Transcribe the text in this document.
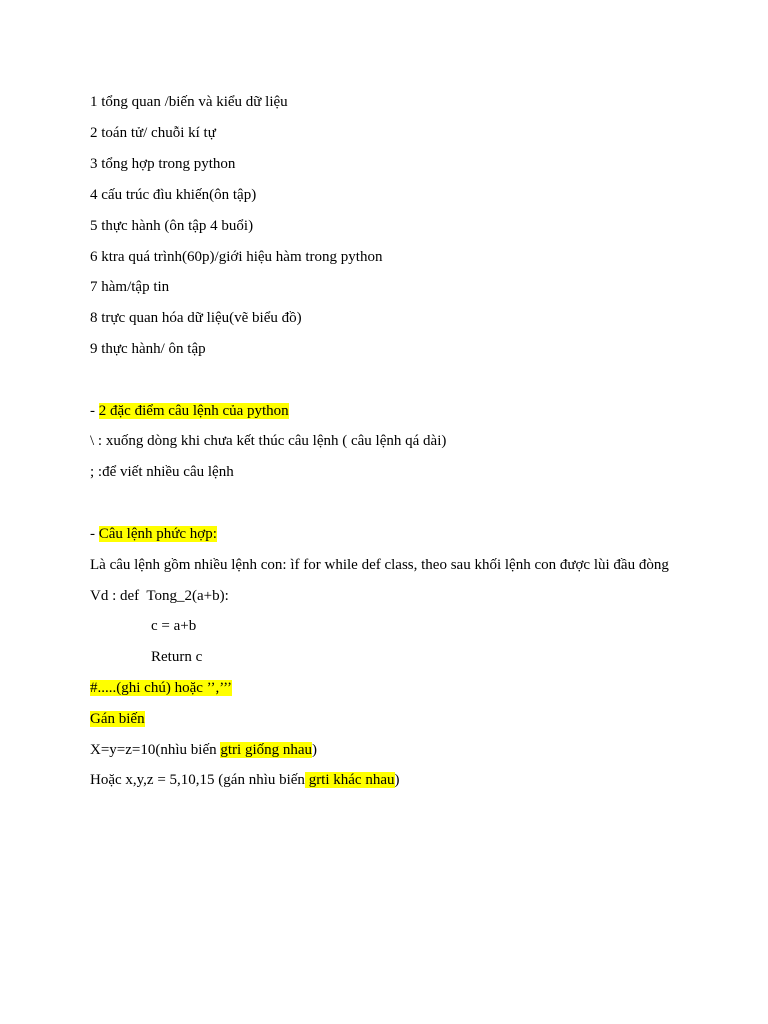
1 tổng quan /biến và kiểu dữ liệu

2 toán tử/ chuỗi kí tự

3 tổng hợp trong python

4 cấu trúc đìu khiến(ôn tập)

5 thực hành (ôn tập 4 buổi)

6 ktra quá trình(60p)/giới hiệu hàm trong python

7 hàm/tập tin

8 trực quan hóa dữ liệu(vẽ biểu đồ)

9 thực hành/ ôn tập

- 2 đặc điểm câu lệnh của python

\ : xuống dòng khi chưa kết thúc câu lệnh ( câu lệnh qá dài)

; :để viết nhiều câu lệnh

- Câu lệnh phức hợp:

Là câu lệnh gồm nhiều lệnh con: ìf for while def class, theo sau khối lệnh con được lùi đầu đòng

Vd : def  Tong_2(a+b):

c = a+b

Return c

#.....(ghi chú) hoặc ’’,’’’

Gán biến

X=y=z=10(nhìu biến gtri giống nhau)

Hoặc x,y,z = 5,10,15 (gán nhìu biến grti khác nhau)
